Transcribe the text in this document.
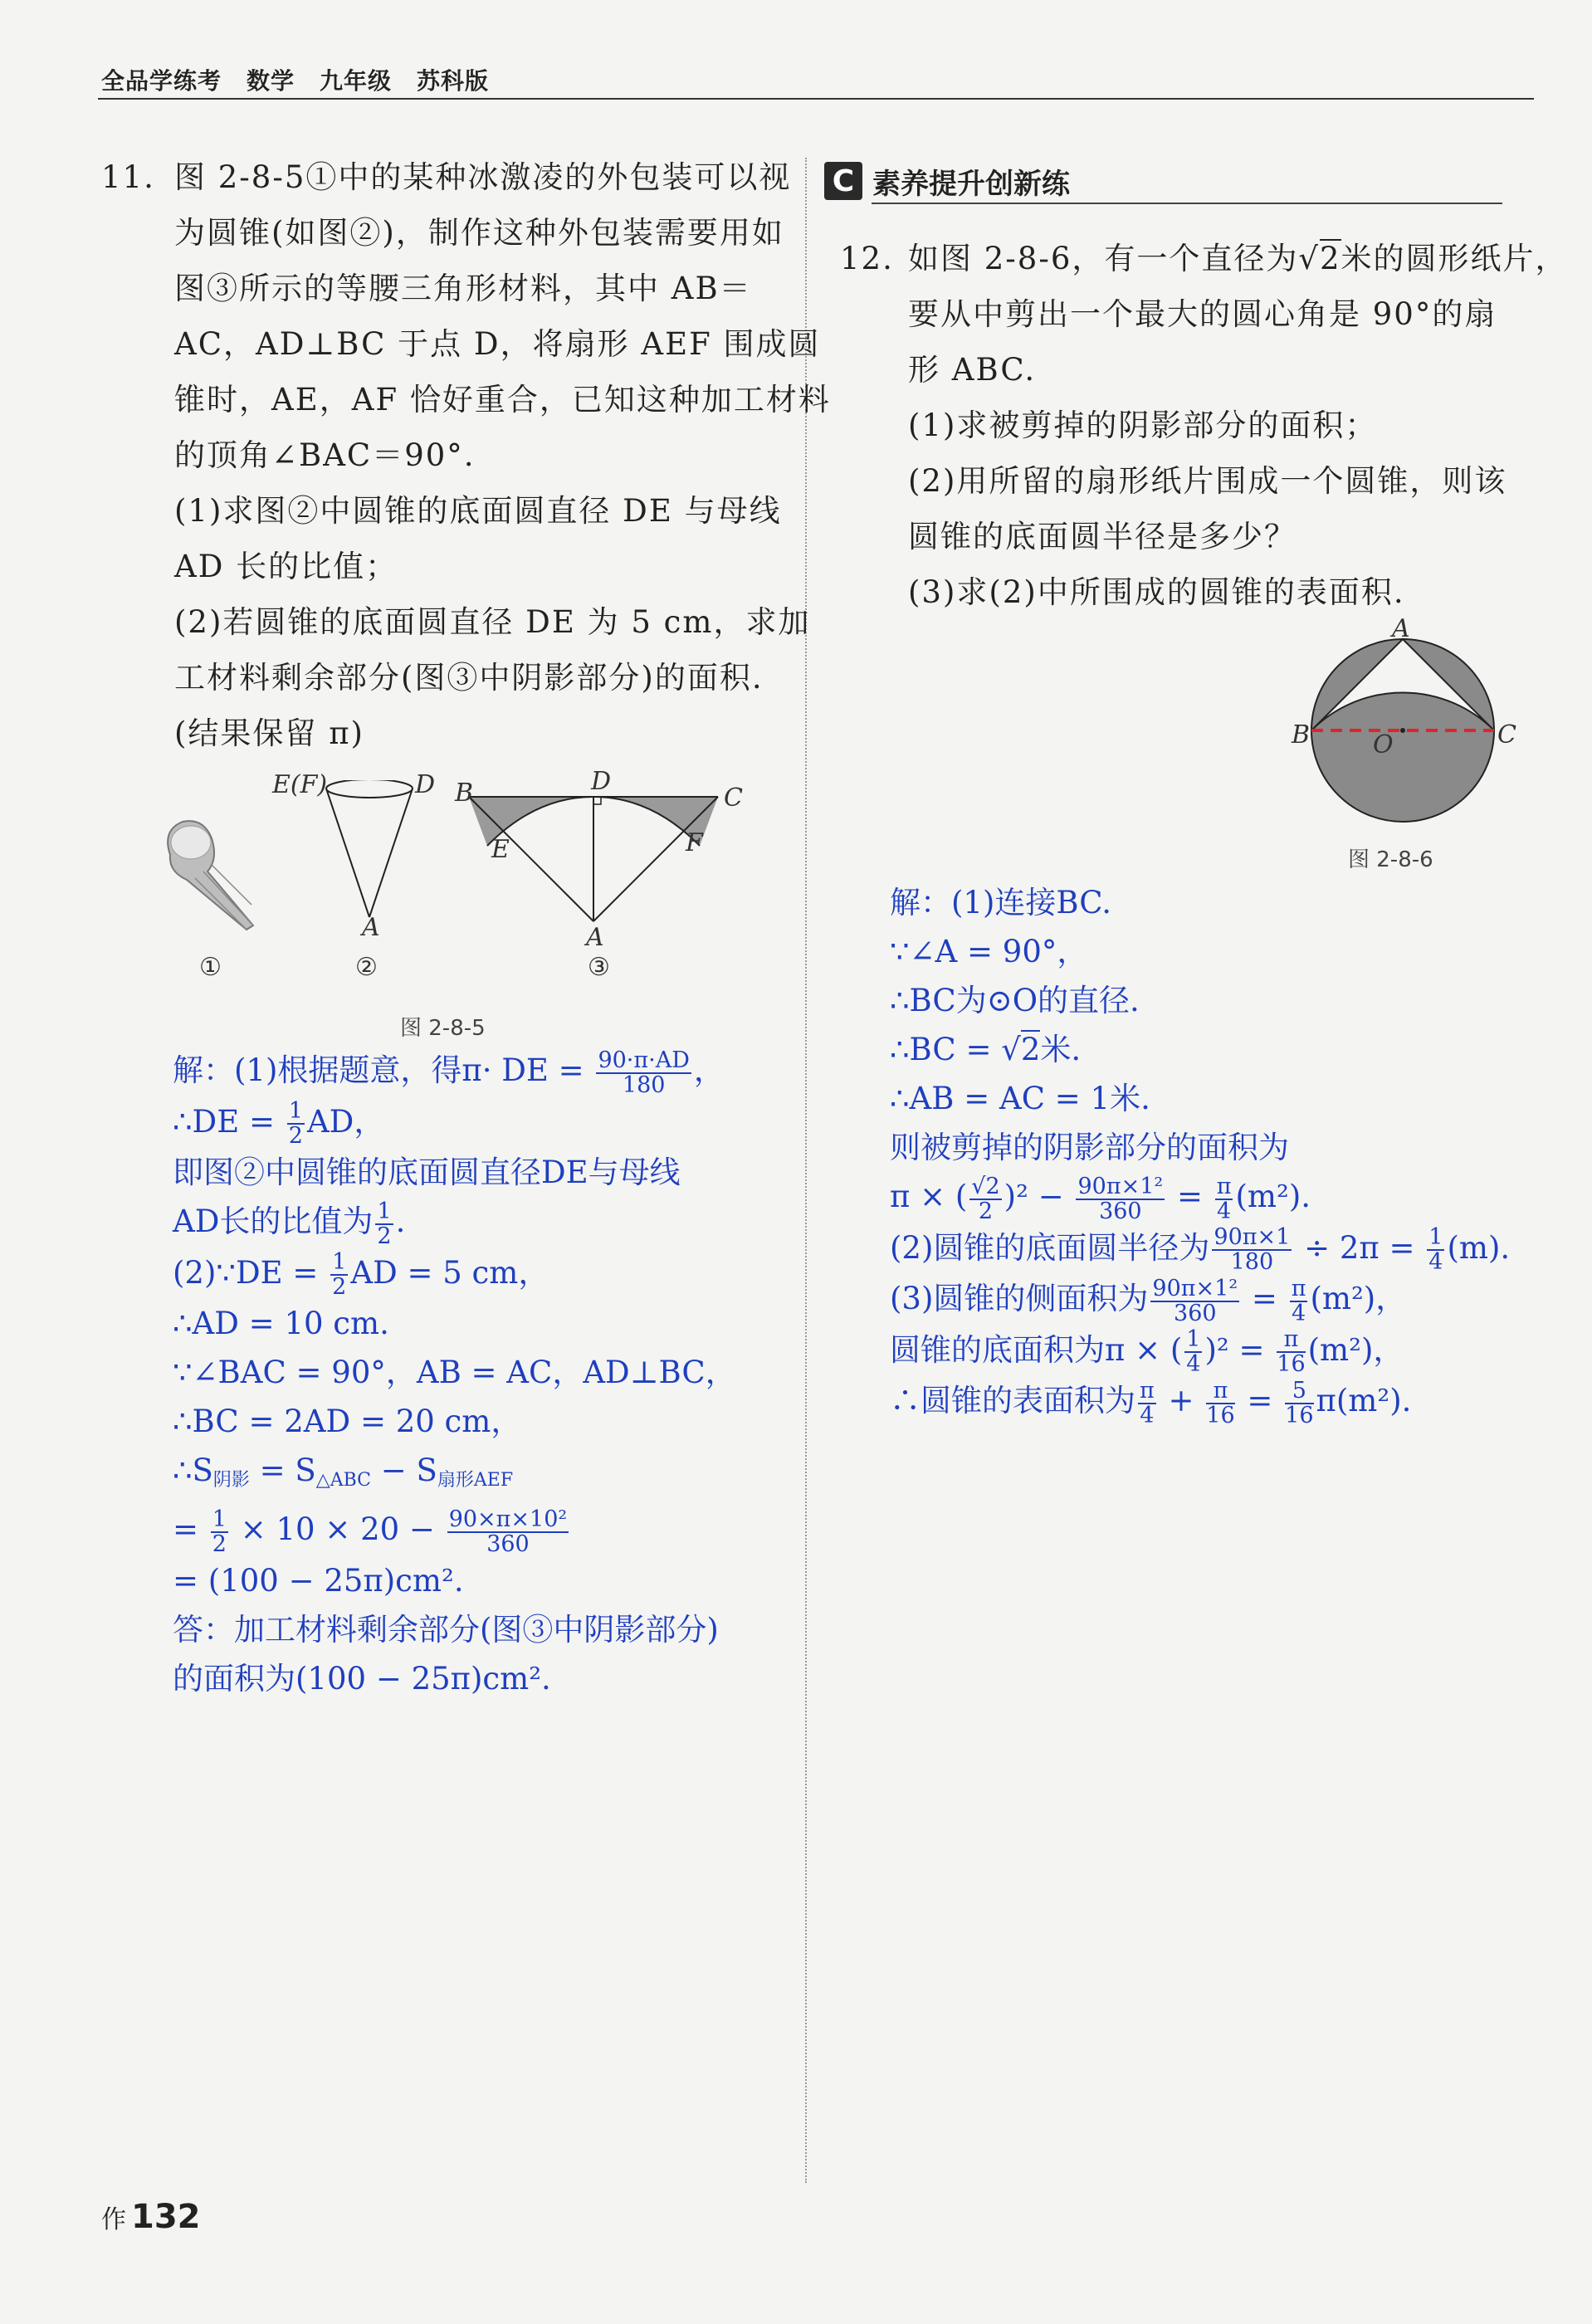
全品学练考 数学 九年级 苏科版

11. 图 2-8-5①中的某种冰激凌的外包装可以视

为圆锥(如图②)，制作这种外包装需要用如

图③所示的等腰三角形材料，其中 AB＝

AC，AD⊥BC 于点 D，将扇形 AEF 围成圆

锥时，AE，AF 恰好重合，已知这种加工材料

的顶角∠BAC＝90°.

(1)求图②中圆锥的底面圆直径 DE 与母线

AD 长的比值；

(2)若圆锥的底面圆直径 DE 为 5 cm，求加

工材料剩余部分(图③中阴影部分)的面积.

(结果保留 π)

E(F)	D
A
B	D
C
E	F
A
①	②	③
图 2-8-5

解：(1)根据题意，得π· DE = $\frac{90\cdot\pi\cdot AD}{180}$ ，

∴DE = $\frac{1}{2}$ AD，

即图②中圆锥的底面圆直径DE与母线

AD长的比值为 $\frac{1}{2}$ .

(2)∵DE = $\frac{1}{2}$ AD = 5 cm，

∴AD = 10 cm.

∵∠BAC = 90°，AB = AC，AD⊥BC，

∴BC = 2AD = 20 cm，

$\therefore S_{阴影} = S_{\triangle ABC} - S_{扇形AEF}$

= $\frac{1}{2} \times 10 \times 20 - \frac{\text{90×π×10²}}{360}$

= (100 − 25π)cm².

答：加工材料剩余部分(图③中阴影部分)

的面积为(100 − 25π)cm².

C 素养提升创新练

12. 如图 2-8-6，有一个直径为√2米的圆形纸片，

要从中剪出一个最大的圆心角是 90°的扇

形 ABC.

(1)求被剪掉的阴影部分的面积；

(2)用所留的扇形纸片围成一个圆锥，则该

圆锥的底面圆半径是多少？

(3)求(2)中所围成的圆锥的表面积.

A
B	C
O
图 2-8-6

解：(1)连接BC.

∵∠A = 90°，

∴BC为⊙O的直径.

∴BC = √2米.

∴AB = AC = 1米.

则被剪掉的阴影部分的面积为

π × ( $\frac{√2}{2} )^2 - \frac{\text{90π×1²}}{360} = \frac{\pi}{4} (m^2)$.

(2)圆锥的底面圆半径为 $\frac{90\pi\times 1}{180} \div 2\pi = \frac{1}{4} (m)$.

(3)圆锥的侧面积为 $\frac{\text{90π×1²}}{360} = \frac{\pi}{4} (m^2)$，

圆锥的底面积为π × ( $\frac{1}{4} )^2 = \frac{\pi}{16} (m^2)$，

∴圆锥的表面积为 $\frac{\pi}{4} + \frac{\pi}{16} = \frac{5}{16} \pi(m^2)$.

作 132
